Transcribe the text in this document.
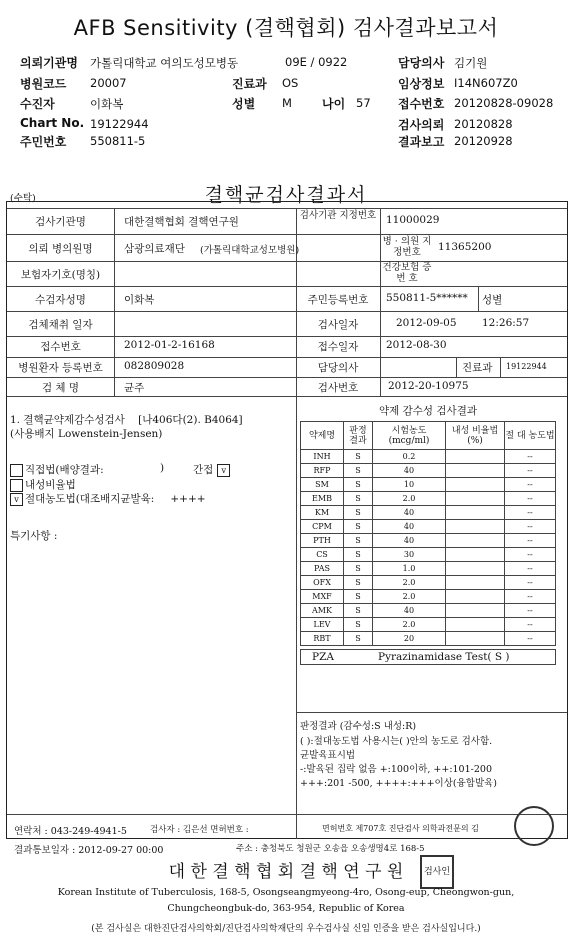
AFB Sensitivity (결핵협회) 검사결과보고서
의뢰기관명 가톨릭대학교 여의도성모병동	09E / 0922
병원코드 20007	진료과 OS
수진자	이화복	성별 M	나이 57
Chart No. 19122944
주민번호 550811-5
담당의사 김기원
임상정보 I14N607Z0
접수번호 20120828-09028
검사의뢰 20120828
결과보고 20120928
(수탁)	결핵균검사결과서
검사기관명	대한결핵협회 결핵연구원
검사기관 지정번호 11000029
의뢰 병의원명	삼광의료재단 (가톨릭대학교성모병원)
병 · 의원 지정번호	11365200
보험자기호(명칭)
건강보험 증 번 호
수검자성명	이화복	주민등록번호	550811-5****** 성별
검체채취 일자	검사일자	2012-09-05 12:26:57
접수번호	2012-01-2-16168	접수일자	2012-08-30
병원환자 등록번호	082809028	담당의사	진료과 19122944
검 체 명	균주	검사번호	2012-20-10975
1. 결핵균약제감수성검사 [나406다(2). B4064]
(사용배지 Lowenstein-Jensen)
직접법(배양결과:	)	간접 v
내성비율법
v 절대농도법(대조배지균발육: ++++
특기사항 :
약제 감수성 검사결과
약제명	판정 결과	시험농도 (mcg/ml)	내성 비율법(%)	절 대 농도법
INH	S	0.2		--
RFP	S	40		--
SM	S	10		--
EMB	S	2.0		--
KM	S	40		--
CPM	S	40		--
PTH	S	40		--
CS	S	30		--
PAS	S	1.0		--
OFX	S	2.0		--
MXF	S	2.0		--
AMK	S	40		--
LEV	S	2.0		--
RBT	S	20		--
PZA	Pyrazinamidase Test( S )
판정결과 (감수성:S 내성:R)
( ):절대농도법 사용시는( )안의 농도로 검사함.
균발육표시법
-:발육된 집락 없음 +:100이하, ++:101-200
+++:201 -500, ++++:+++이상(융합발육)
연락처 : 043-249-4941-5	검사자 : 김은선 면허번호 :	면허번호 제707호 진단검사 의학과전문의 김
결과통보일자 : 2012-09-27 00:00	주소 : 충청북도 청원군 오송읍 오송생명4로 168-5
검사인
대 한 결 핵 협 회 결 핵 연 구 원
Korean Institute of Tuberculosis, 168-5, Osongseangmyeong-4ro, Osong-eup, Cheongwon-gun,
Chungcheongbuk-do, 363-954, Republic of Korea
(본 검사실은 대한진단검사의학회/진단검사의학재단의 우수검사실 신임 인증을 받은 검사실입니다.)
